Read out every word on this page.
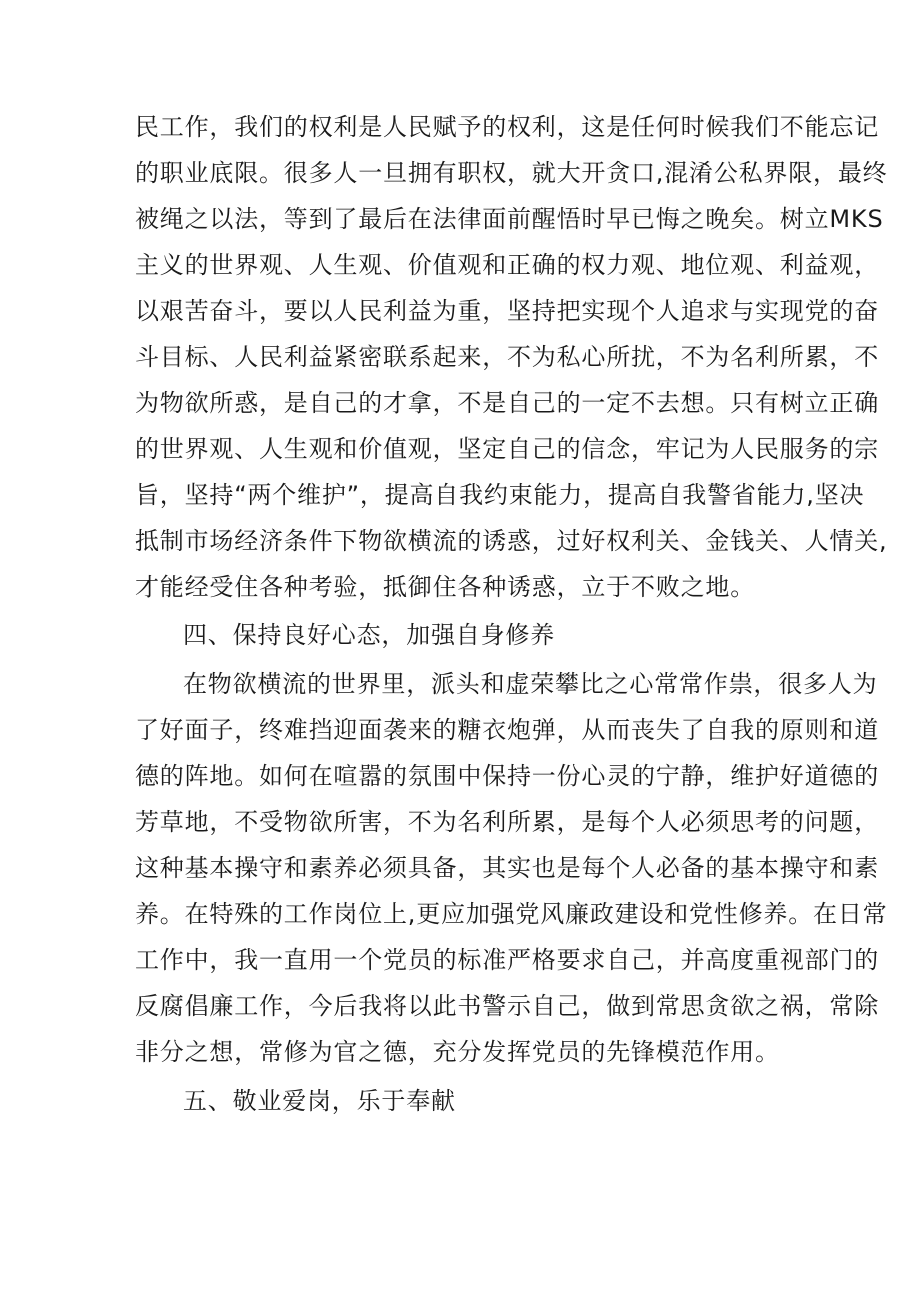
民工作，我们的权利是人民赋予的权利，这是任何时候我们不能忘记
的职业底限。很多人一旦拥有职权，就大开贪口,混淆公私界限，最终
被绳之以法，等到了最后在法律面前醒悟时早已悔之晚矣。树立MKS
主义的世界观、人生观、价值观和正确的权力观、地位观、利益观，
以艰苦奋斗，要以人民利益为重，坚持把实现个人追求与实现党的奋
斗目标、人民利益紧密联系起来，不为私心所扰，不为名利所累，不
为物欲所惑，是自己的才拿，不是自己的一定不去想。只有树立正确
的世界观、人生观和价值观，坚定自己的信念，牢记为人民服务的宗
旨，坚持“两个维护”，提高自我约束能力，提高自我警省能力,坚决
抵制市场经济条件下物欲横流的诱惑，过好权利关、金钱关、人情关,
才能经受住各种考验，抵御住各种诱惑，立于不败之地。
四、保持良好心态，加强自身修养
在物欲横流的世界里，派头和虚荣攀比之心常常作祟，很多人为
了好面子，终难挡迎面袭来的糖衣炮弹，从而丧失了自我的原则和道
德的阵地。如何在喧嚣的氛围中保持一份心灵的宁静，维护好道德的
芳草地，不受物欲所害，不为名利所累，是每个人必须思考的问题，
这种基本操守和素养必须具备，其实也是每个人必备的基本操守和素
养。在特殊的工作岗位上,更应加强党风廉政建设和党性修养。在日常
工作中，我一直用一个党员的标准严格要求自己，并高度重视部门的
反腐倡廉工作，今后我将以此书警示自己，做到常思贪欲之祸，常除
非分之想，常修为官之德，充分发挥党员的先锋模范作用。
五、敬业爱岗，乐于奉献
